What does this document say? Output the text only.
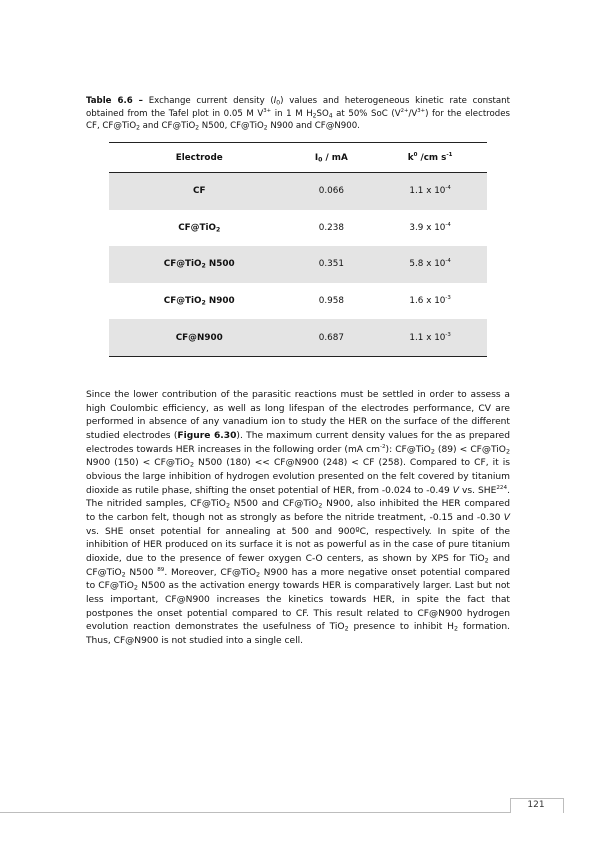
Table 6.6 – Exchange current density $(I_0)$ values and heterogeneous kinetic rate constant obtained from the Tafel plot in 0.05 M $V^{3+}$ in 1 M $H_2SO_4$ at 50% SoC $(V^{2+}/V^{3+})$ for the electrodes CF, CF@TiO$_2$ and CF@TiO$_2$ N500, CF@TiO$_2$ N900 and CF@N900.
Electrode	$I_0$ / mA	$k^0$ /cm $s^{-1}$
CF	0.066	1.1 x $10^{-4}$
CF@TiO$_2$	0.238	3.9 x $10^{-4}$
CF@TiO$_2$ N500	0.351	5.8 x $10^{-4}$
CF@TiO$_2$ N900	0.958	1.6 x $10^{-3}$
CF@N900	0.687	1.1 x $10^{-3}$

Since the lower contribution of the parasitic reactions must be settled in order to assess a high Coulombic efficiency, as well as long lifespan of the electrodes performance, CV are performed in absence of any vanadium ion to study the HER on the surface of the different studied electrodes (Figure 6.30). The maximum current density values for the as prepared electrodes towards HER increases in the following order (mA $cm^{-2}$): CF@TiO$_2$ (89) < CF@TiO$_2$ N900 (150) < CF@TiO$_2$ N500 (180) << CF@N900 (248) < CF (258). Compared to CF, it is obvious the large inhibition of hydrogen evolution presented on the felt covered by titanium dioxide as rutile phase, shifting the onset potential of HER, from -0.024 to -0.49 V vs. SHE$^{224}$. The nitrided samples, CF@TiO$_2$ N500 and CF@TiO$_2$ N900, also inhibited the HER compared to the carbon felt, though not as strongly as before the nitride treatment, -0.15 and -0.30 V vs. SHE onset potential for annealing at 500 and 900ºC, respectively. In spite of the inhibition of HER produced on its surface it is not as powerful as in the case of pure titanium dioxide, due to the presence of fewer oxygen C-O centers, as shown by XPS for TiO$_2$ and CF@TiO$_2$ N500 $^{89}$. Moreover, CF@TiO$_2$ N900 has a more negative onset potential compared to CF@TiO$_2$ N500 as the activation energy towards HER is comparatively larger. Last but not less important, CF@N900 increases the kinetics towards HER, in spite the fact that postpones the onset potential compared to CF. This result related to CF@N900 hydrogen evolution reaction demonstrates the usefulness of TiO$_2$ presence to inhibit $H_2$ formation. Thus, CF@N900 is not studied into a single cell.

121
